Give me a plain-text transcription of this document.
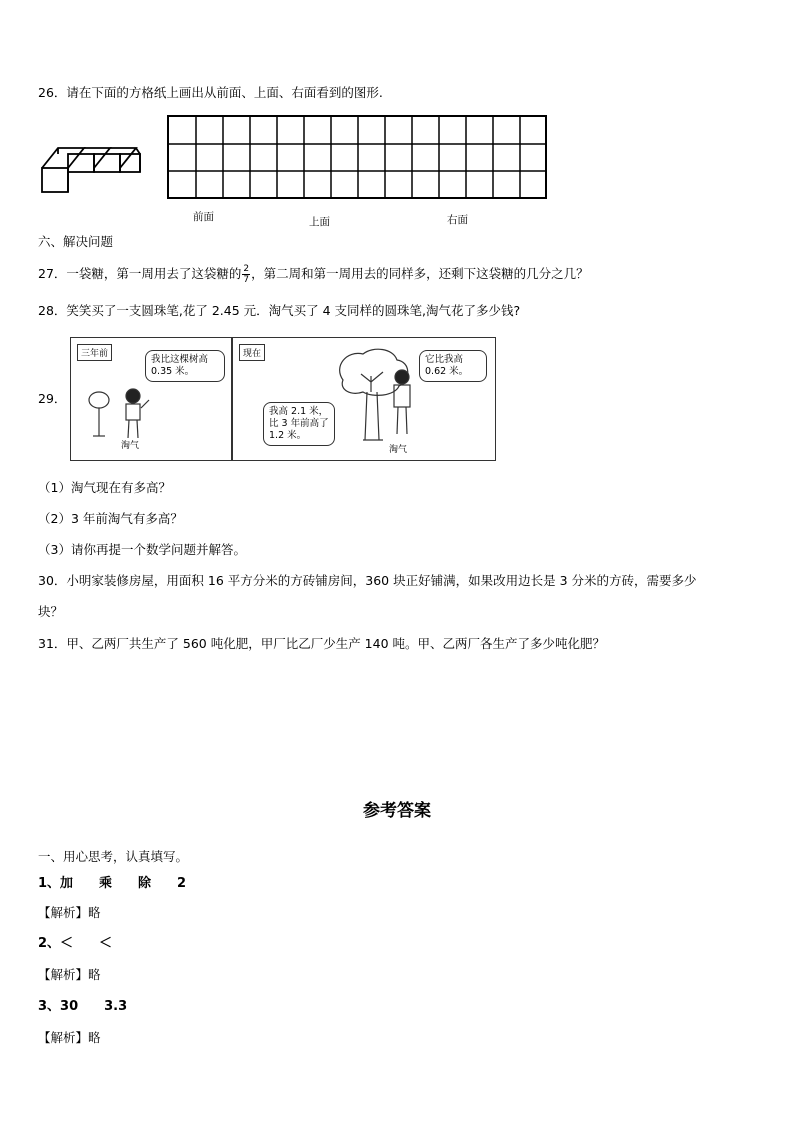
26．请在下面的方格纸上画出从前面、上面、右面看到的图形.
前面	上面	右面
六、解决问题
27．一袋糖，第一周用去了这袋糖的 $\frac{2}{7}$ ，第二周和第一周用去的同样多，还剩下这袋糖的几分之几？
28．笑笑买了一支圆珠笔,花了 2.45 元．淘气买了 4 支同样的圆珠笔,淘气花了多少钱?
29．
三年前	我比这棵树高 0.35 米。
淘气
现在	它比我高 0.62 米。
我高 2.1 米，比 3 年前高了 1.2 米。
淘气
（1）淘气现在有多高？
（2）3 年前淘气有多高？
（3）请你再提一个数学问题并解答。
30．小明家装修房屋，用面积 16 平方分米的方砖铺房间，360 块正好铺满，如果改用边长是 3 分米的方砖，需要多少
块？
31．甲、乙两厂共生产了 560 吨化肥，甲厂比乙厂少生产 140 吨。甲、乙两厂各生产了多少吨化肥？
参考答案
一、用心思考，认真填写。
1、加　　乘　　除　　2
【解析】略
2、＜　　＜
【解析】略
3、30　　3.3
【解析】略
